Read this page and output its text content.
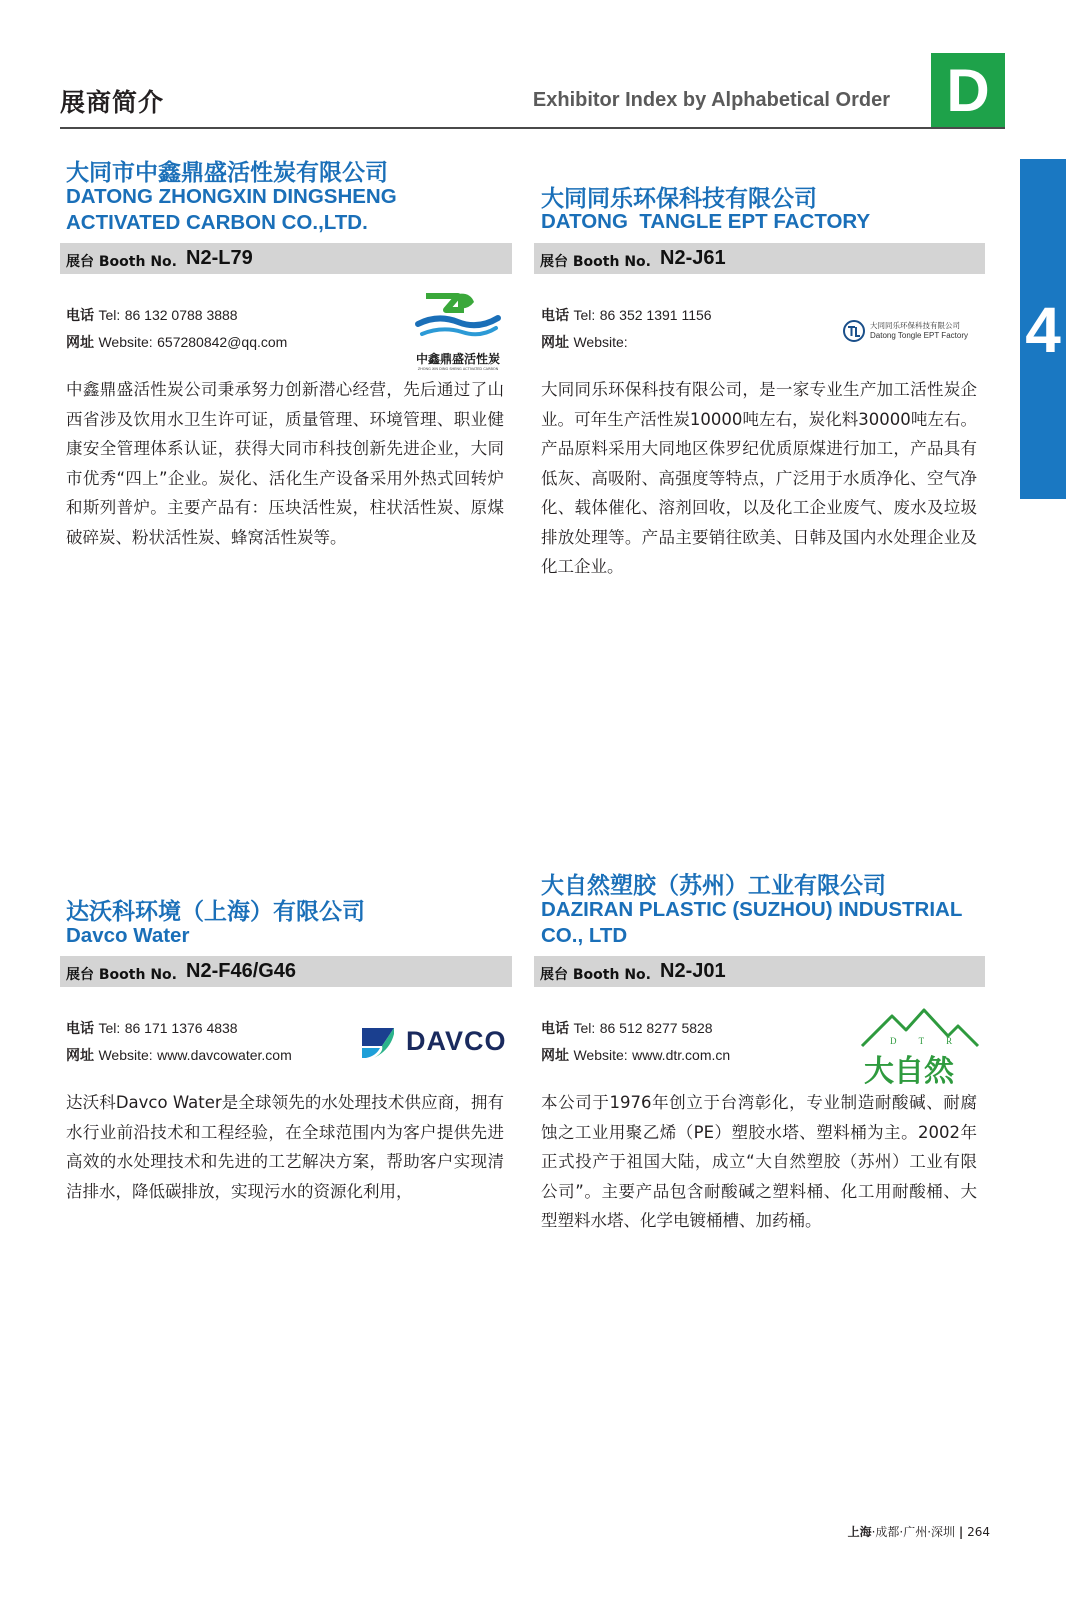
展商简介	Exhibitor Index by Alphabetical Order D
4
大同市中鑫鼎盛活性炭有限公司
DATONG ZHONGXIN DINGSHENG
ACTIVATED CARBON CO.,LTD.
展台 Booth No. N2-L79
电话 Tel: 86 132 0788 3888
网址 Website: 657280842@qq.com
中鑫鼎盛活性炭
ZHONG XIN DING SHENG ACTIVATED CARBON
中鑫鼎盛活性炭公司秉承努力创新潜心经营，先后通过了山西省涉及饮用水卫生许可证，质量管理、环境管理、职业健康安全管理体系认证，获得大同市科技创新先进企业，大同市优秀“四上”企业。炭化、活化生产设备采用外热式回转炉和斯列普炉。主要产品有：压块活性炭，柱状活性炭、原煤破碎炭、粉状活性炭、蜂窝活性炭等。
大同同乐环保科技有限公司
DATONG  TANGLE EPT FACTORY
展台 Booth No. N2-J61
电话 Tel: 86 352 1391 1156
网址 Website:
大同同乐环保科技有限公司
Datong Tongle EPT Factory
大同同乐环保科技有限公司，是一家专业生产加工活性炭企业。可年生产活性炭10000吨左右，炭化料30000吨左右。产品原料采用大同地区侏罗纪优质原煤进行加工，产品具有低灰、高吸附、高强度等特点，广泛用于水质净化、空气净化、载体催化、溶剂回收，以及化工企业废气、废水及垃圾排放处理等。产品主要销往欧美、日韩及国内水处理企业及化工企业。
达沃科环境（上海）有限公司
Davco Water
展台 Booth No. N2-F46/G46
电话 Tel: 86 171 1376 4838
网址 Website: www.davcowater.com	DAVCO
达沃科Davco Water是全球领先的水处理技术供应商，拥有水行业前沿技术和工程经验，在全球范围内为客户提供先进高效的水处理技术和先进的工艺解决方案，帮助客户实现清洁排水，降低碳排放，实现污水的资源化利用，
大自然塑胶（苏州）工业有限公司
DAZIRAN PLASTIC (SUZHOU) INDUSTRIAL
CO., LTD
展台 Booth No. N2-J01
电话 Tel: 86 512 8277 5828
网址 Website: www.dtr.com.cn
D T R
大自然
本公司于1976年创立于台湾彰化，专业制造耐酸碱、耐腐蚀之工业用聚乙烯（PE）塑胶水塔、塑料桶为主。2002年正式投产于祖国大陆，成立“大自然塑胶（苏州）工业有限公司”。主要产品包含耐酸碱之塑料桶、化工用耐酸桶、大型塑料水塔、化学电镀桶槽、加药桶。
上海·成都·广州·深圳 | 264
